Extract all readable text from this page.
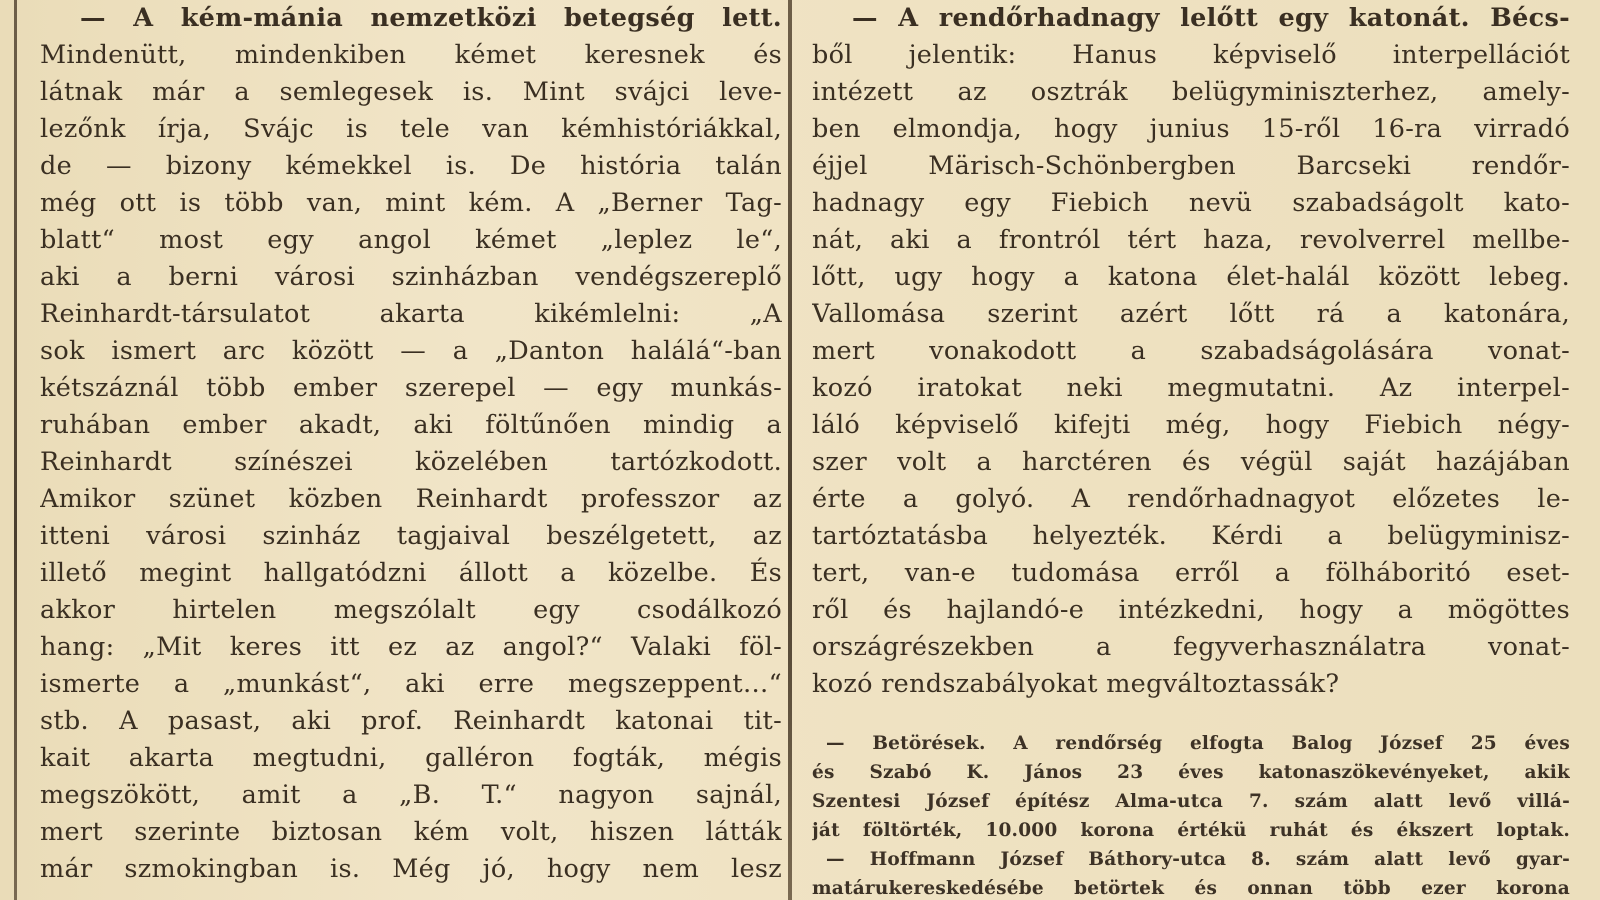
— A kém-mánia nemzetközi betegség lett.
Mindenütt, mindenkiben kémet keresnek és
látnak már a semlegesek is. Mint svájci leve-
lezőnk írja, Svájc is tele van kémhistóriákkal,
de — bizony kémekkel is. De história talán
még ott is több van, mint kém. A „Berner Tag-
blatt“ most egy angol kémet „leplez le“,
aki a berni városi szinházban vendégszereplő
Reinhardt-társulatot akarta kikémlelni: „A
sok ismert arc között — a „Danton halálá“-ban
kétszáznál több ember szerepel — egy munkás-
ruhában ember akadt, aki föltűnően mindig a
Reinhardt színészei közelében tartózkodott.
Amikor szünet közben Reinhardt professzor az
itteni városi szinház tagjaival beszélgetett, az
illető megint hallgatódzni állott a közelbe. És
akkor hirtelen megszólalt egy csodálkozó
hang: „Mit keres itt ez az angol?“ Valaki föl-
ismerte a „munkást“, aki erre megszeppent…“
stb. A pasast, aki prof. Reinhardt katonai tit-
kait akarta megtudni, galléron fogták, mégis
megszökött, amit a „B. T.“ nagyon sajnál,
mert szerinte biztosan kém volt, hiszen látták
már szmokingban is. Még jó, hogy nem lesz
— A rendőrhadnagy lelőtt egy katonát. Bécs-
ből jelentik: Hanus képviselő interpellációt
intézett az osztrák belügyminiszterhez, amely-
ben elmondja, hogy junius 15-ről 16-ra virradó
éjjel Märisch-Schönbergben Barcseki rendőr-
hadnagy egy Fiebich nevü szabadságolt kato-
nát, aki a frontról tért haza, revolverrel mellbe-
lőtt, ugy hogy a katona élet-halál között lebeg.
Vallomása szerint azért lőtt rá a katonára,
mert vonakodott a szabadságolására vonat-
kozó iratokat neki megmutatni. Az interpel-
láló képviselő kifejti még, hogy Fiebich négy-
szer volt a harctéren és végül saját hazájában
érte a golyó. A rendőrhadnagyot előzetes le-
tartóztatásba helyezték. Kérdi a belügyminisz-
tert, van-e tudomása erről a fölháboritó eset-
ről és hajlandó-e intézkedni, hogy a mögöttes
országrészekben a fegyverhasználatra vonat-
kozó rendszabályokat megváltoztassák?
— Betörések. A rendőrség elfogta Balog József 25 éves
és Szabó K. János 23 éves katonaszökevényeket, akik
Szentesi József építész Alma-utca 7. szám alatt levő villá-
ját föltörték, 10.000 korona értékü ruhát és ékszert loptak.
— Hoffmann József Báthory-utca 8. szám alatt levő gyar-
matárukereskedésébe betörtek és onnan több ezer korona
